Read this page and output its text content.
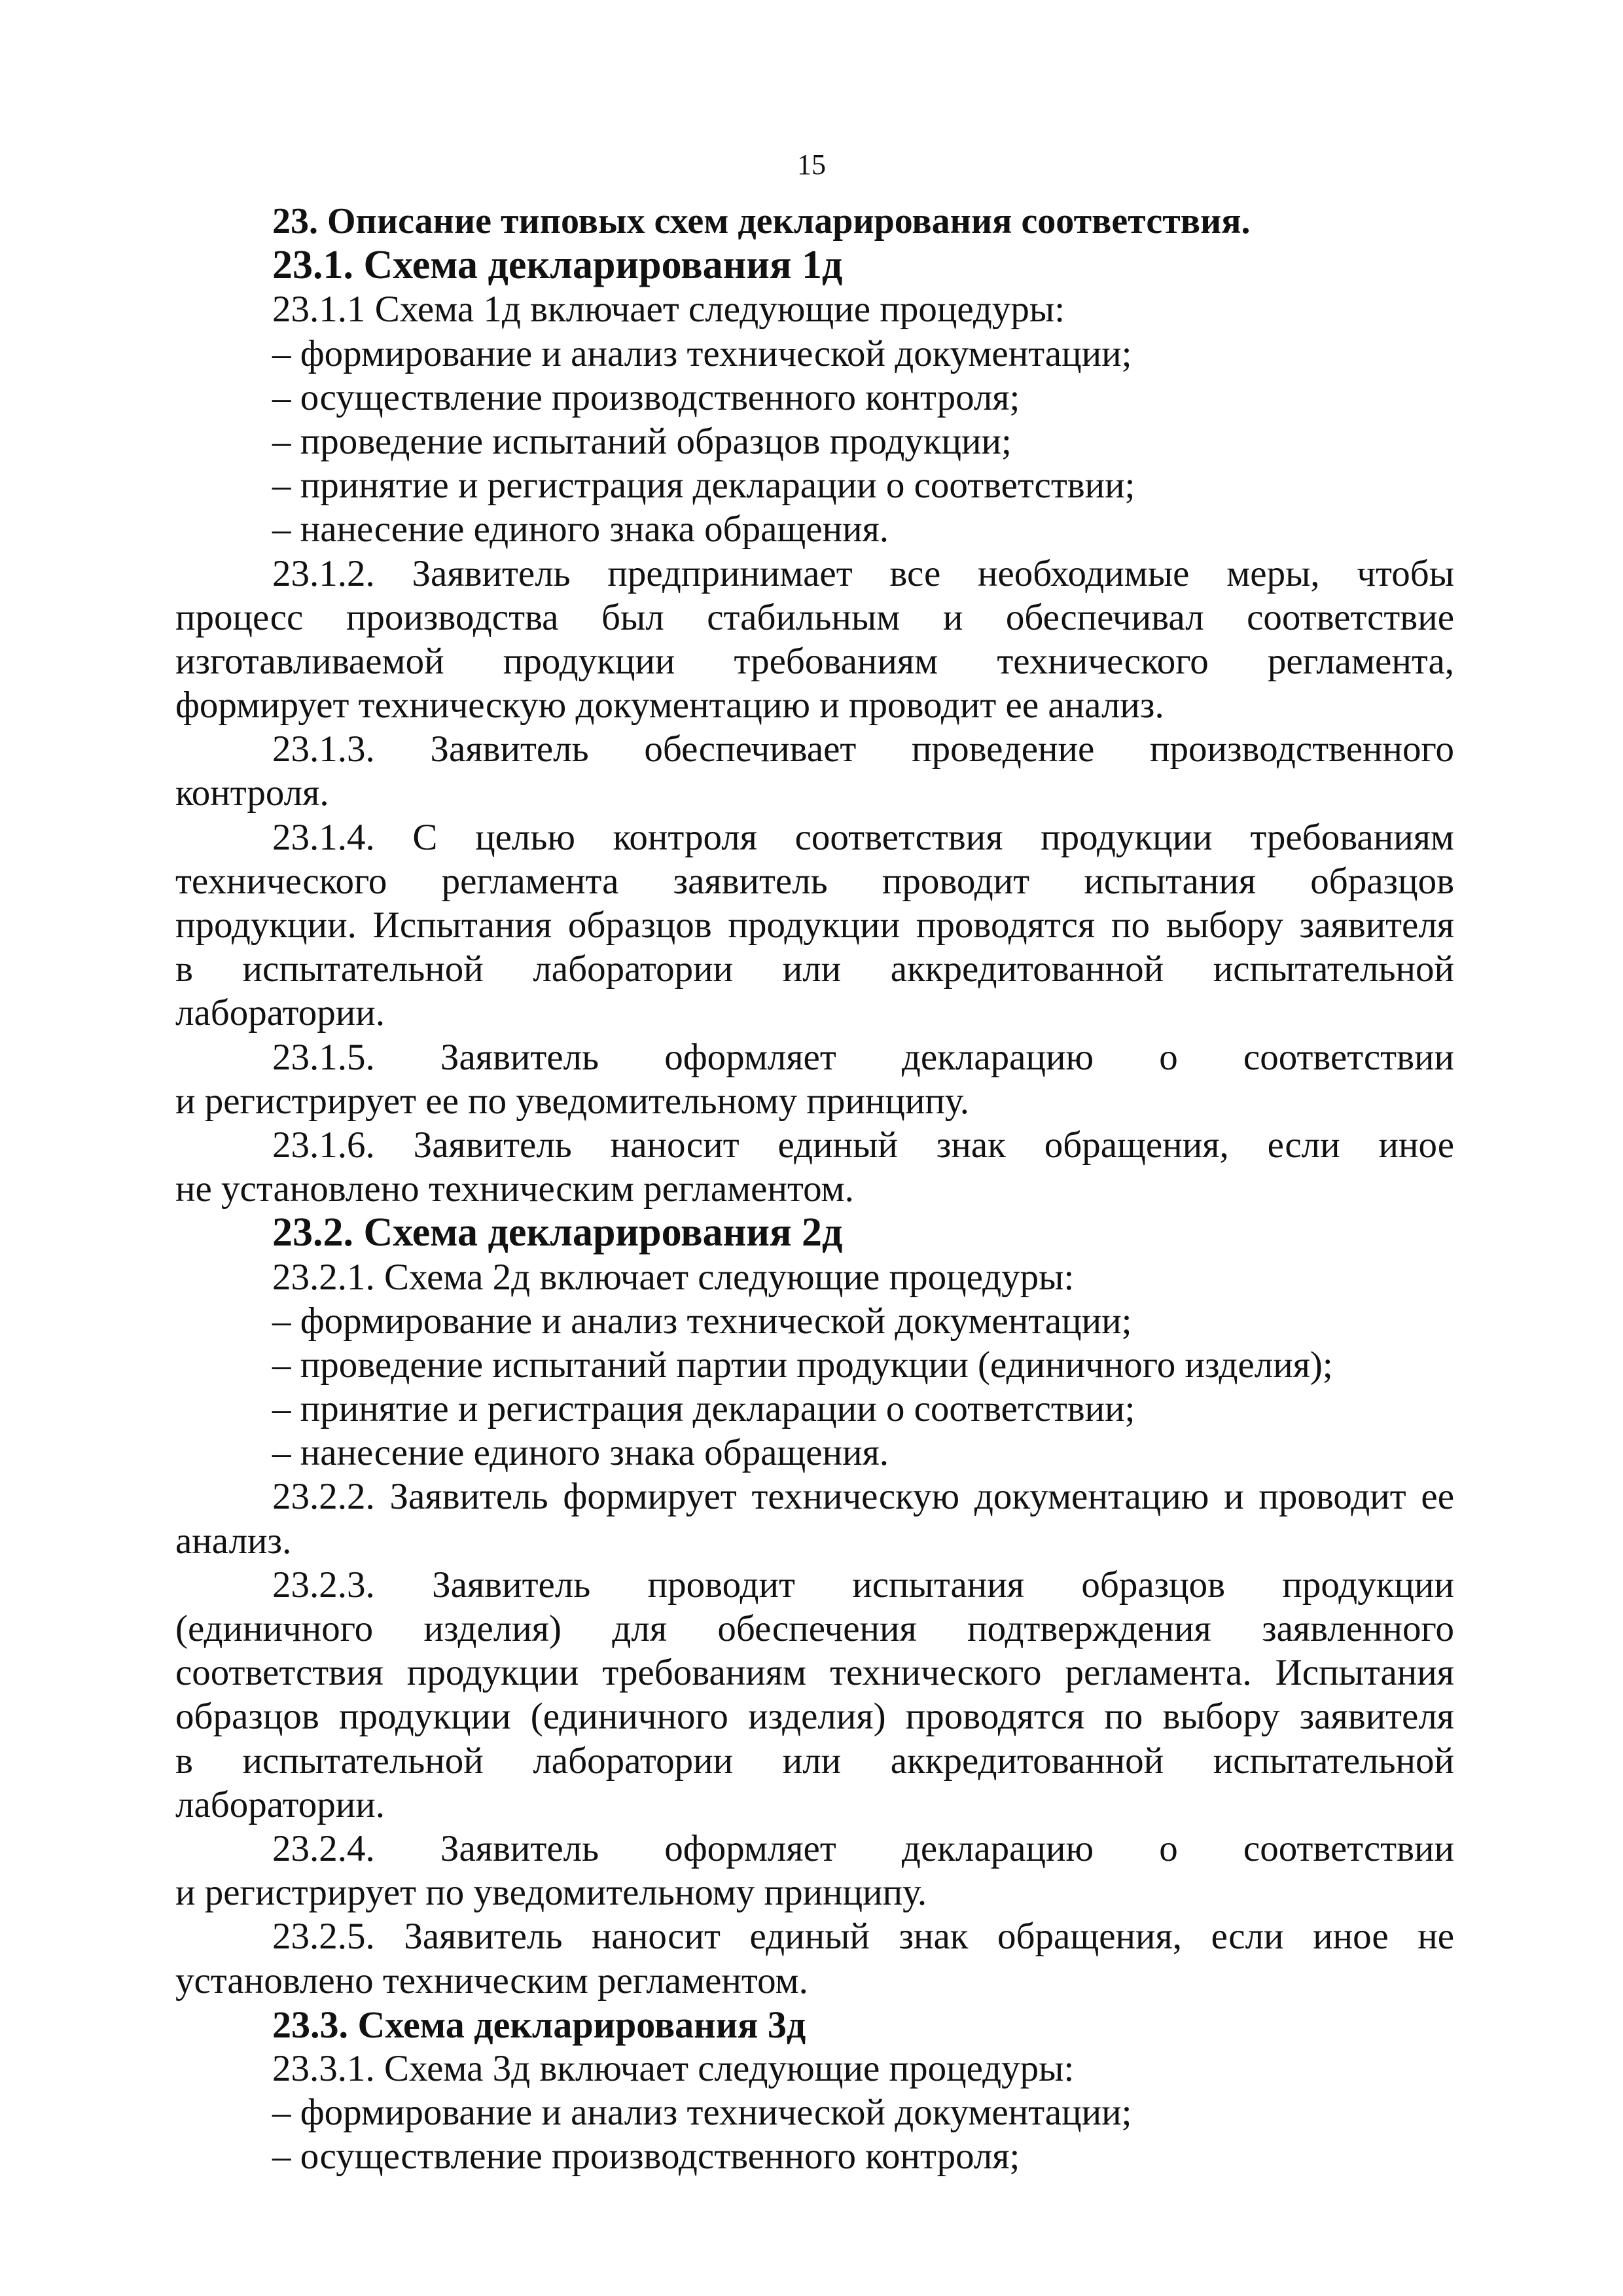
15
23. Описание типовых схем декларирования соответствия.
23.1. Схема декларирования 1д
23.1.1 Схема 1д включает следующие процедуры:
– формирование и анализ технической документации;
– осуществление производственного контроля;
– проведение испытаний образцов продукции;
– принятие и регистрация декларации о соответствии;
– нанесение единого знака обращения.
23.1.2. Заявитель предпринимает все необходимые меры, чтобы
процесс производства был стабильным и обеспечивал соответствие
изготавливаемой продукции требованиям технического регламента,
формирует техническую документацию и проводит ее анализ.
23.1.3. Заявитель обеспечивает проведение производственного
контроля.
23.1.4. С целью контроля соответствия продукции требованиям
технического регламента заявитель проводит испытания образцов
продукции. Испытания образцов продукции проводятся по выбору заявителя
в испытательной лаборатории или аккредитованной испытательной
лаборатории.
23.1.5. Заявитель оформляет декларацию о соответствии
и регистрирует ее по уведомительному принципу.
23.1.6. Заявитель наносит единый знак обращения, если иное
не установлено техническим регламентом.
23.2. Схема декларирования 2д
23.2.1. Схема 2д включает следующие процедуры:
– формирование и анализ технической документации;
– проведение испытаний партии продукции (единичного изделия);
– принятие и регистрация декларации о соответствии;
– нанесение единого знака обращения.
23.2.2. Заявитель формирует техническую документацию и проводит ее
анализ.
23.2.3. Заявитель проводит испытания образцов продукции
(единичного изделия) для обеспечения подтверждения заявленного
соответствия продукции требованиям технического регламента. Испытания
образцов продукции (единичного изделия) проводятся по выбору заявителя
в испытательной лаборатории или аккредитованной испытательной
лаборатории.
23.2.4. Заявитель оформляет декларацию о соответствии
и регистрирует по уведомительному принципу.
23.2.5. Заявитель наносит единый знак обращения, если иное не
установлено техническим регламентом.
23.3. Схема декларирования 3д
23.3.1. Схема 3д включает следующие процедуры:
– формирование и анализ технической документации;
– осуществление производственного контроля;
